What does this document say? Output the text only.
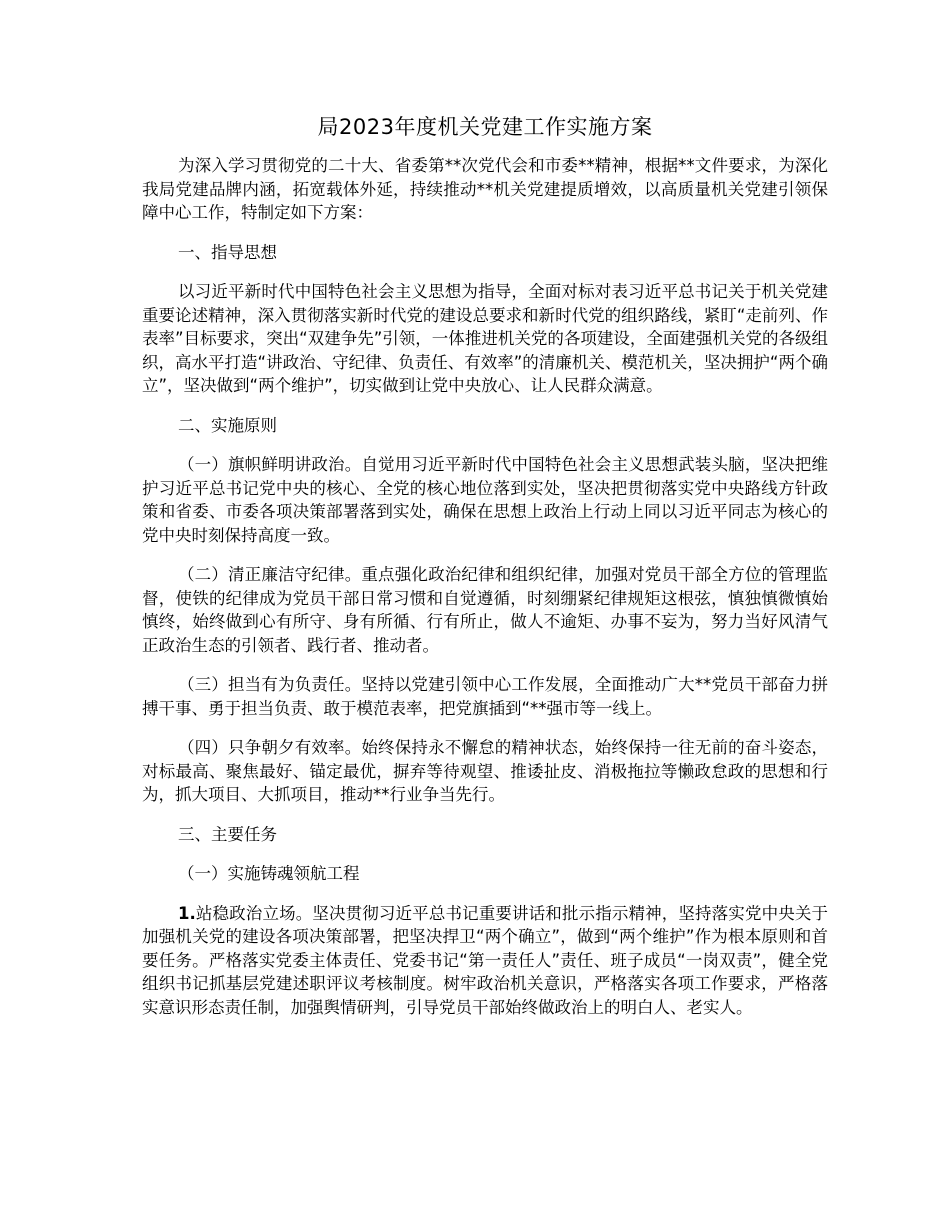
局2023年度机关党建工作实施方案

为深入学习贯彻党的二十大、省委第**次党代会和市委**精神，根据**文件要求，为深化我局党建品牌内涵，拓宽载体外延，持续推动**机关党建提质增效，以高质量机关党建引领保障中心工作，特制定如下方案：

一、指导思想

以习近平新时代中国特色社会主义思想为指导，全面对标对表习近平总书记关于机关党建重要论述精神，深入贯彻落实新时代党的建设总要求和新时代党的组织路线，紧盯“走前列、作表率”目标要求，突出“双建争先”引领，一体推进机关党的各项建设，全面建强机关党的各级组织，高水平打造“讲政治、守纪律、负责任、有效率”的清廉机关、模范机关，坚决拥护“两个确立”，坚决做到“两个维护”，切实做到让党中央放心、让人民群众满意。

二、实施原则

（一）旗帜鲜明讲政治。自觉用习近平新时代中国特色社会主义思想武装头脑，坚决把维护习近平总书记党中央的核心、全党的核心地位落到实处，坚决把贯彻落实党中央路线方针政策和省委、市委各项决策部署落到实处，确保在思想上政治上行动上同以习近平同志为核心的党中央时刻保持高度一致。

（二）清正廉洁守纪律。重点强化政治纪律和组织纪律，加强对党员干部全方位的管理监督，使铁的纪律成为党员干部日常习惯和自觉遵循，时刻绷紧纪律规矩这根弦，慎独慎微慎始慎终，始终做到心有所守、身有所循、行有所止，做人不逾矩、办事不妄为，努力当好风清气正政治生态的引领者、践行者、推动者。

（三）担当有为负责任。坚持以党建引领中心工作发展，全面推动广大**党员干部奋力拼搏干事、勇于担当负责、敢于模范表率，把党旗插到“**强市等一线上。

（四）只争朝夕有效率。始终保持永不懈怠的精神状态，始终保持一往无前的奋斗姿态，对标最高、聚焦最好、锚定最优，摒弃等待观望、推诿扯皮、消极拖拉等懒政怠政的思想和行为，抓大项目、大抓项目，推动**行业争当先行。

三、主要任务

（一）实施铸魂领航工程

1.站稳政治立场。坚决贯彻习近平总书记重要讲话和批示指示精神，坚持落实党中央关于加强机关党的建设各项决策部署，把坚决捍卫“两个确立”，做到“两个维护”作为根本原则和首要任务。严格落实党委主体责任、党委书记“第一责任人”责任、班子成员“一岗双责”，健全党组织书记抓基层党建述职评议考核制度。树牢政治机关意识，严格落实各项工作要求，严格落实意识形态责任制，加强舆情研判，引导党员干部始终做政治上的明白人、老实人。
